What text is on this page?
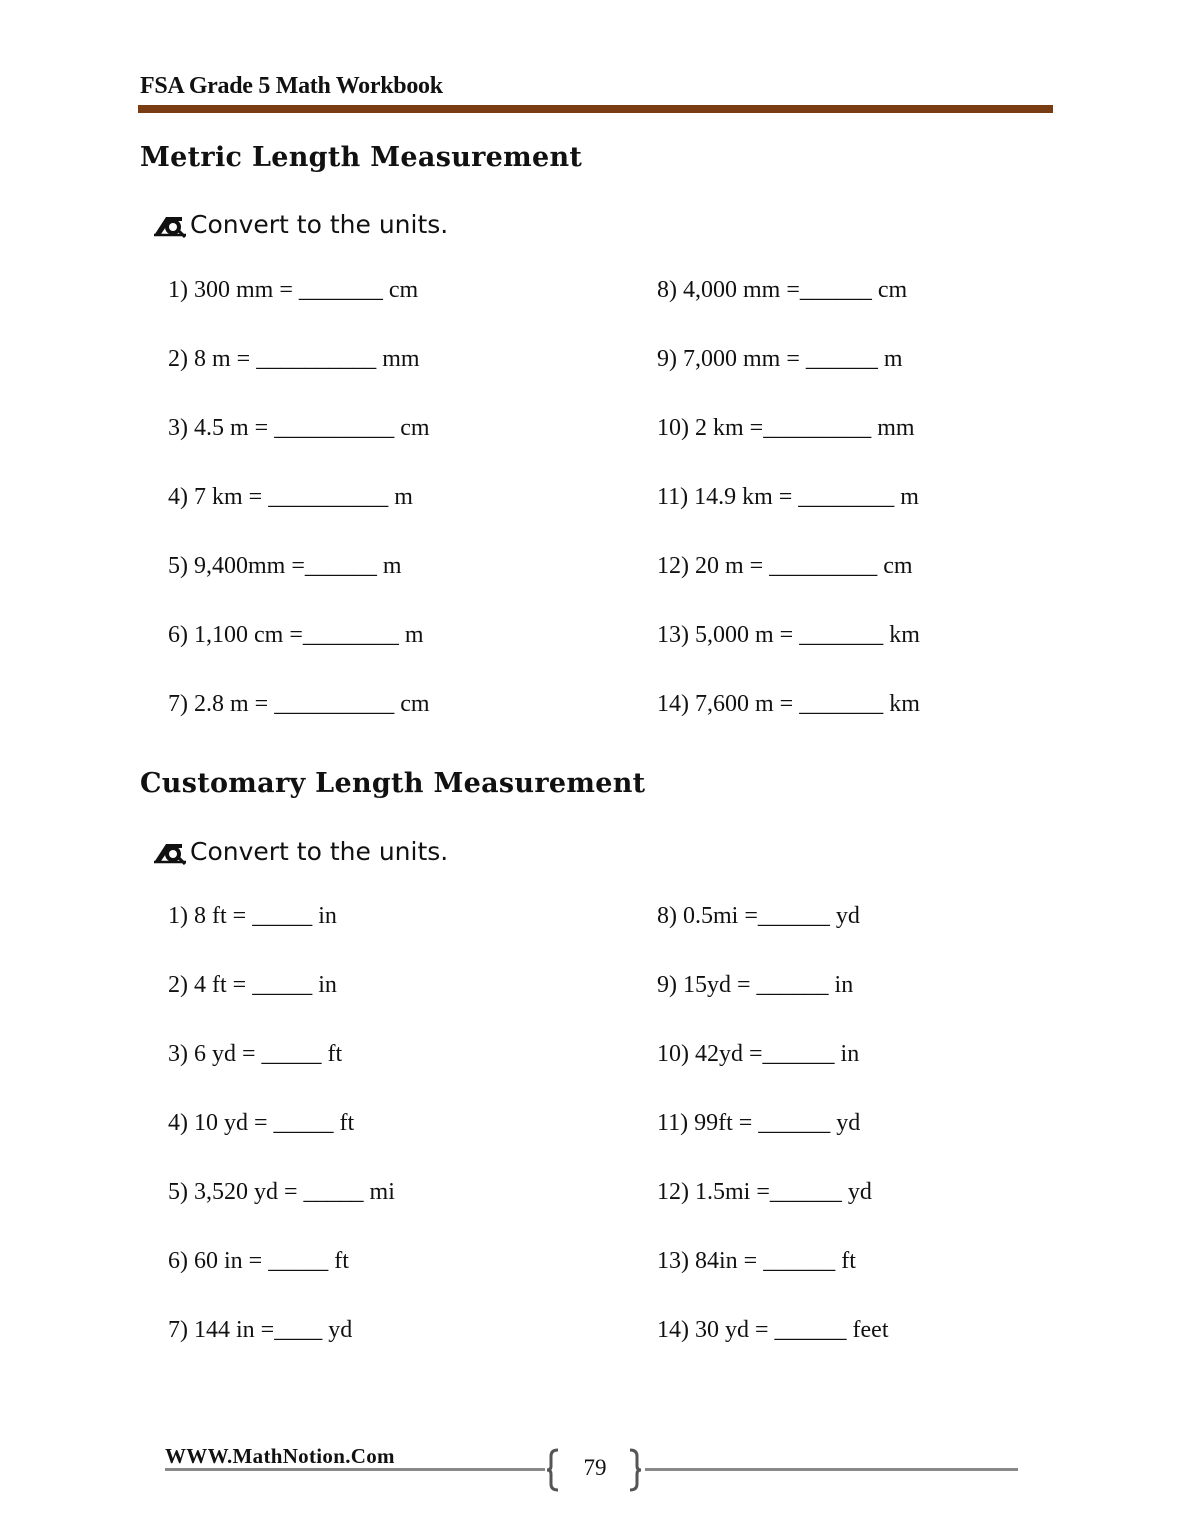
FSA Grade 5 Math Workbook
Metric Length Measurement
Convert to the units.
1) 300 mm = _______ cm
2) 8 m = __________ mm
3) 4.5 m = __________ cm
4) 7 km = __________ m
5) 9,400mm =______ m
6) 1,100 cm =________ m
7) 2.8 m = __________ cm
8) 4,000 mm =______ cm
9) 7,000 mm = ______ m
10) 2 km =_________ mm
11) 14.9 km = ________ m
12) 20 m = _________ cm
13) 5,000 m = _______ km
14) 7,600 m = _______ km
Customary Length Measurement
Convert to the units.
1) 8 ft = _____ in
2) 4 ft = _____ in
3) 6 yd = _____ ft
4) 10 yd = _____ ft
5) 3,520 yd = _____ mi
6) 60 in = _____ ft
7) 144 in =____ yd
8) 0.5mi =______ yd
9) 15yd = ______ in
10) 42yd =______ in
11) 99ft = ______ yd
12) 1.5mi =______ yd
13) 84in = ______ ft
14) 30 yd = ______ feet
WWW.MathNotion.Com	79
